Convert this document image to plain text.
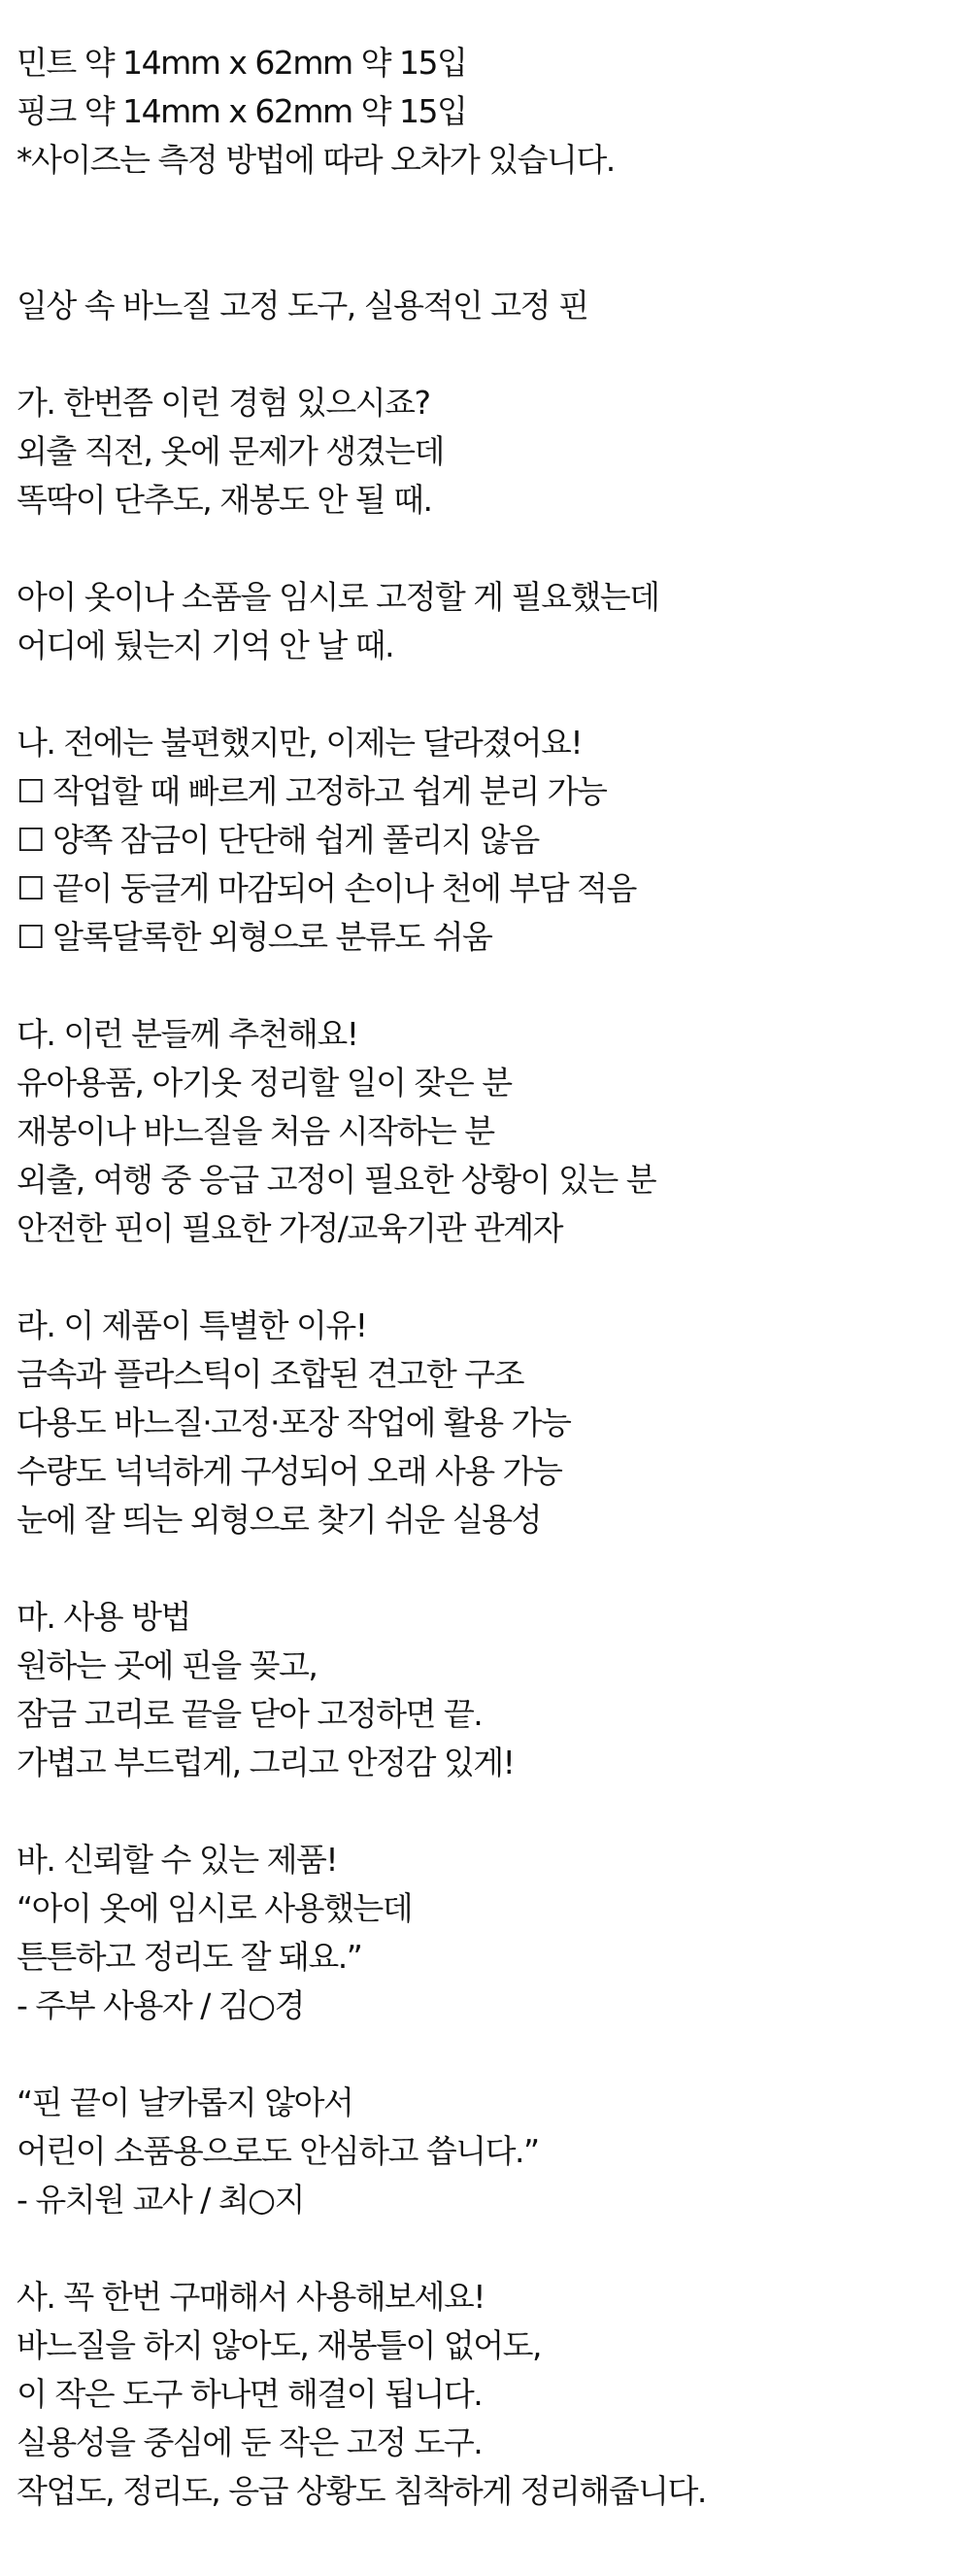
민트 약 14mm x 62mm 약 15입
핑크 약 14mm x 62mm 약 15입
*사이즈는 측정 방법에 따라 오차가 있습니다.
일상 속 바느질 고정 도구, 실용적인 고정 핀
가. 한번쯤 이런 경험 있으시죠?
외출 직전, 옷에 문제가 생겼는데
똑딱이 단추도, 재봉도 안 될 때.
아이 옷이나 소품을 임시로 고정할 게 필요했는데
어디에 뒀는지 기억 안 날 때.
나. 전에는 불편했지만, 이제는 달라졌어요!
☐ 작업할 때 빠르게 고정하고 쉽게 분리 가능
☐ 양쪽 잠금이 단단해 쉽게 풀리지 않음
☐ 끝이 둥글게 마감되어 손이나 천에 부담 적음
☐ 알록달록한 외형으로 분류도 쉬움
다. 이런 분들께 추천해요!
유아용품, 아기옷 정리할 일이 잦은 분
재봉이나 바느질을 처음 시작하는 분
외출, 여행 중 응급 고정이 필요한 상황이 있는 분
안전한 핀이 필요한 가정/교육기관 관계자
라. 이 제품이 특별한 이유!
금속과 플라스틱이 조합된 견고한 구조
다용도 바느질·고정·포장 작업에 활용 가능
수량도 넉넉하게 구성되어 오래 사용 가능
눈에 잘 띄는 외형으로 찾기 쉬운 실용성
마. 사용 방법
원하는 곳에 핀을 꽂고,
잠금 고리로 끝을 닫아 고정하면 끝.
가볍고 부드럽게, 그리고 안정감 있게!
바. 신뢰할 수 있는 제품!
“아이 옷에 임시로 사용했는데
튼튼하고 정리도 잘 돼요.”
- 주부 사용자 / 김○경
“핀 끝이 날카롭지 않아서
어린이 소품용으로도 안심하고 씁니다.”
- 유치원 교사 / 최○지
사. 꼭 한번 구매해서 사용해보세요!
바느질을 하지 않아도, 재봉틀이 없어도,
이 작은 도구 하나면 해결이 됩니다.
실용성을 중심에 둔 작은 고정 도구.
작업도, 정리도, 응급 상황도 침착하게 정리해줍니다.
